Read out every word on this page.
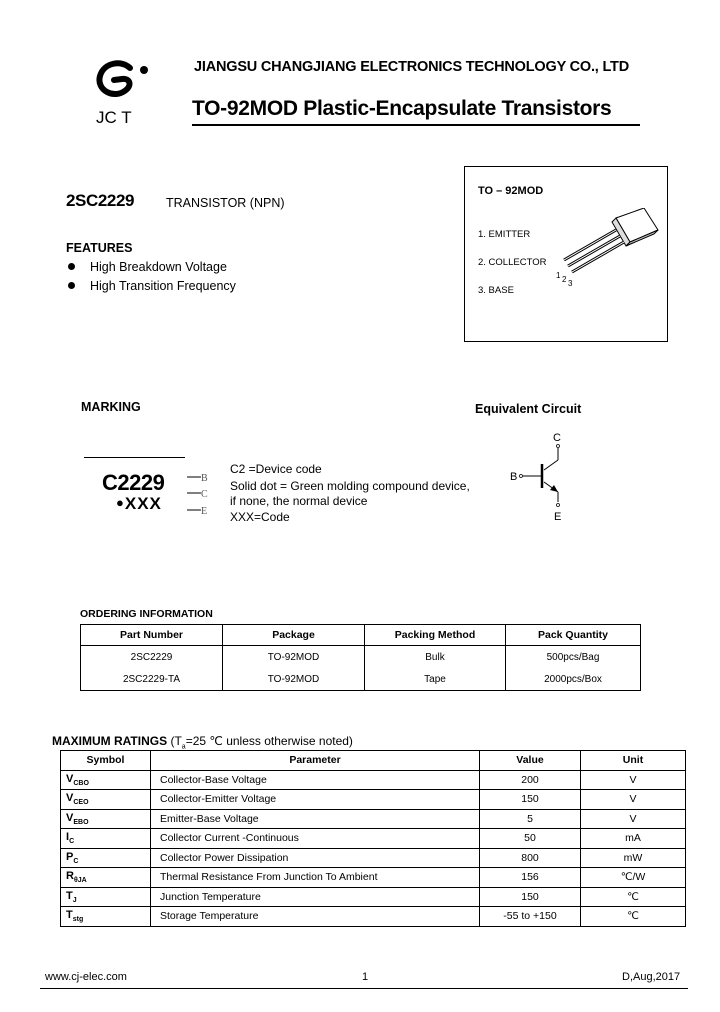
JC T
JIANGSU CHANGJIANG ELECTRONICS TECHNOLOGY CO., LTD
TO-92MOD Plastic-Encapsulate Transistors
2SC2229	TRANSISTOR (NPN)
FEATURES
High Breakdown Voltage
High Transition Frequency
TO – 92MOD
1. EMITTER
2. COLLECTOR
3. BASE
1 2 3
MARKING
C2229
●XXX
B
C
E
C2 =Device code
Solid dot = Green molding compound device,
if none, the normal device
XXX=Code
Equivalent Circuit
C
B
E
ORDERING INFORMATION
Part Number	Package	Packing Method	Pack Quantity
2SC2229	TO-92MOD	Bulk	500pcs/Bag
2SC2229-TA	TO-92MOD	Tape	2000pcs/Box
MAXIMUM RATINGS ($T_a=25$ ℃ unless otherwise noted)
Symbol	Parameter	Value	Unit
$V_{CBO}$	Collector-Base Voltage	200	V
$V_{CEO}$	Collector-Emitter Voltage	150	V
$V_{EBO}$	Emitter-Base Voltage	5	V
$I_C$	Collector Current -Continuous	50	mA
$P_C$	Collector Power Dissipation	800	mW
$R_{\theta JA}$	Thermal Resistance From Junction To Ambient	156	℃/W
$T_J$	Junction Temperature	150	℃
$T_{stg}$	Storage Temperature	-55 to +150	℃
www.cj-elec.com	1	D,Aug,2017
